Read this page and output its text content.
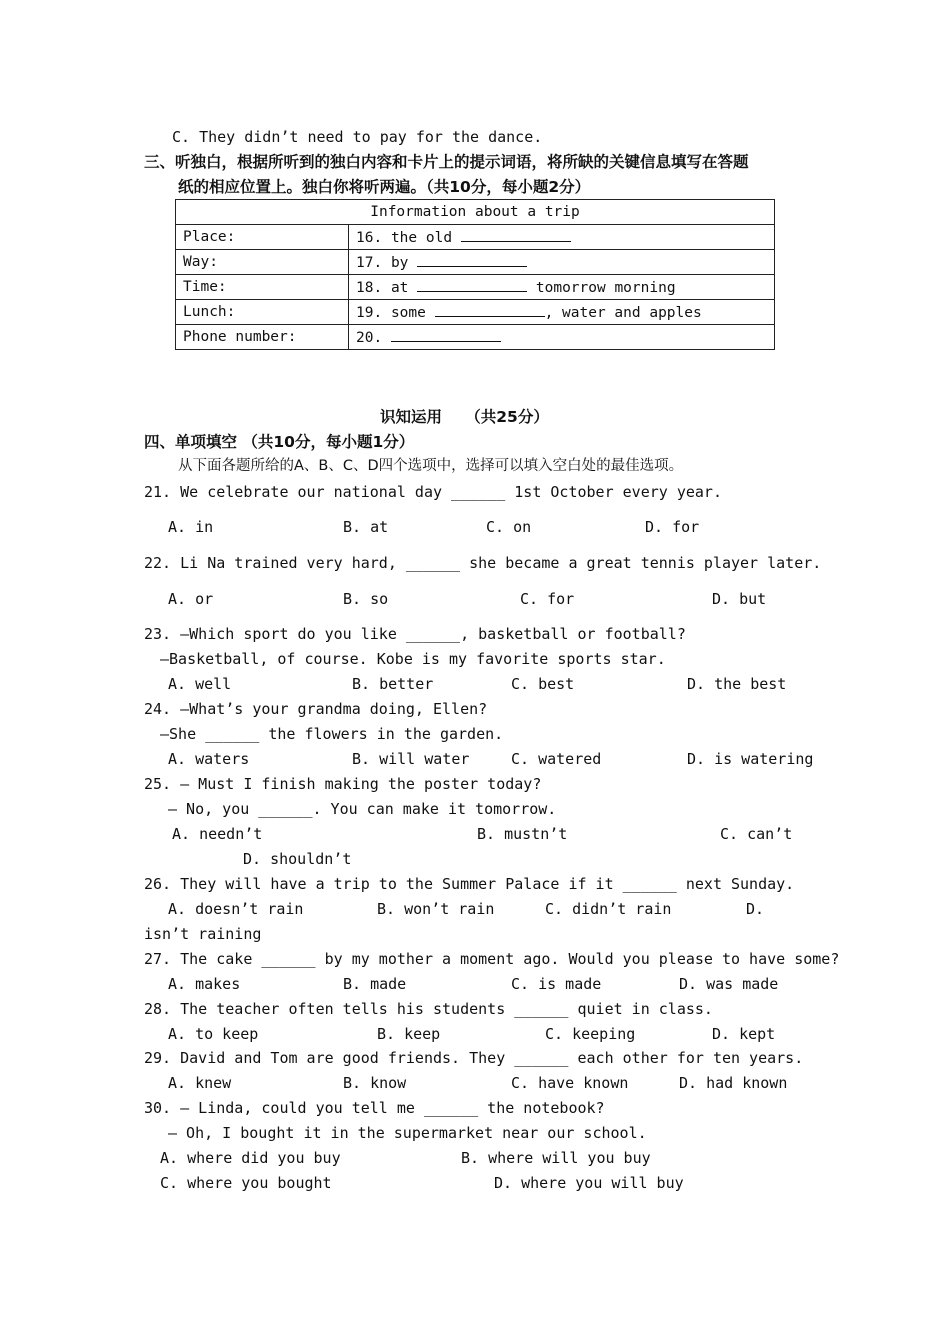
C. They didn’t need to pay for the dance.
三、听独白，根据所听到的独白内容和卡片上的提示词语，将所缺的关键信息填写在答题
纸的相应位置上。独白你将听两遍。（共10分，每小题2分）
Information about a trip	
Place:	16. the old
Way:	17. by
Time:	18. at tomorrow morning
Lunch:	19. some , water and apples
Phone number:	20.
识知运用　　（共25分）
四、单项填空 （共10分，每小题1分）
从下面各题所给的A、B、C、D四个选项中，选择可以填入空白处的最佳选项。
21. We celebrate our national day ______ 1st October every year.
A. in	B. at	C. on	D. for
22. Li Na trained very hard, ______ she became a great tennis player later.
A. or	B. so	C. for	D. but
23. —Which sport do you like ______, basketball or football?
—Basketball, of course. Kobe is my favorite sports star.
A. well	B. better	C. best	D. the best
24. —What’s your grandma doing, Ellen?
—She ______ the flowers in the garden.
A. waters	B. will water	C. watered	D. is watering
25. — Must I finish making the poster today?
— No, you ______. You can make it tomorrow.
A. needn’t	B. mustn’t	C. can’t
D. shouldn’t
26. They will have a trip to the Summer Palace if it ______ next Sunday.
A. doesn’t rain	B. won’t rain	C. didn’t rain	D.
isn’t raining
27. The cake ______ by my mother a moment ago. Would you please to have some?
A. makes	B. made	C. is made	D. was made
28. The teacher often tells his students ______ quiet in class.
A. to keep	B. keep	C. keeping	D. kept
29. David and Tom are good friends. They ______ each other for ten years.
A. knew	B. know	C. have known	D. had known
30. — Linda, could you tell me ______ the notebook?
— Oh, I bought it in the supermarket near our school.
A. where did you buy	B. where will you buy
C. where you bought	D. where you will buy
